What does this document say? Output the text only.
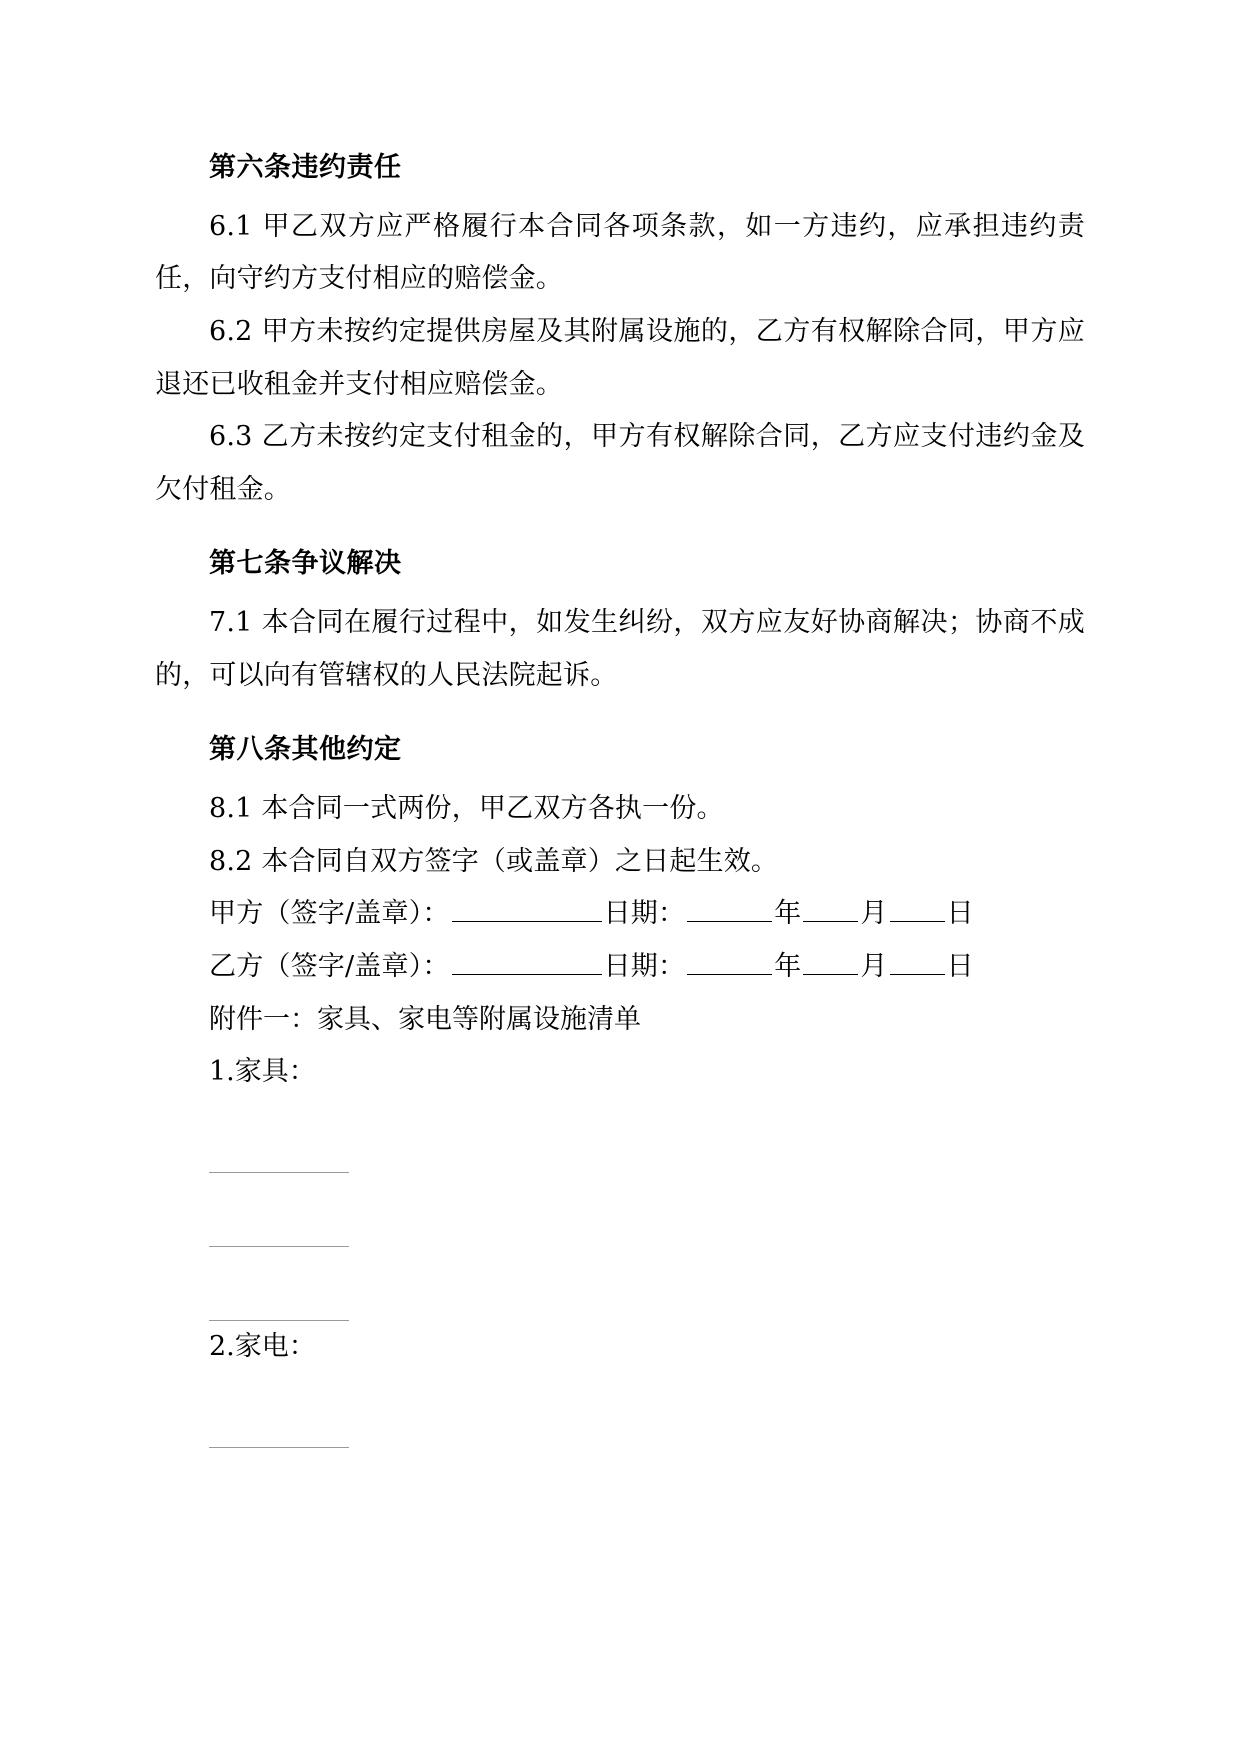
第六条违约责任

6.1 甲乙双方应严格履行本合同各项条款，如一方违约，应承担违约责任，向守约方支付相应的赔偿金。

6.2 甲方未按约定提供房屋及其附属设施的，乙方有权解除合同，甲方应退还已收租金并支付相应赔偿金。

6.3 乙方未按约定支付租金的，甲方有权解除合同，乙方应支付违约金及欠付租金。

第七条争议解决

7.1 本合同在履行过程中，如发生纠纷，双方应友好协商解决；协商不成的，可以向有管辖权的人民法院起诉。

第八条其他约定

8.1 本合同一式两份，甲乙双方各执一份。

8.2 本合同自双方签字（或盖章）之日起生效。

甲方（签字/盖章）：	日期：	年 月 日

乙方（签字/盖章）：	日期：	年 月 日

附件一：家具、家电等附属设施清单

1.家具：

2.家电：
